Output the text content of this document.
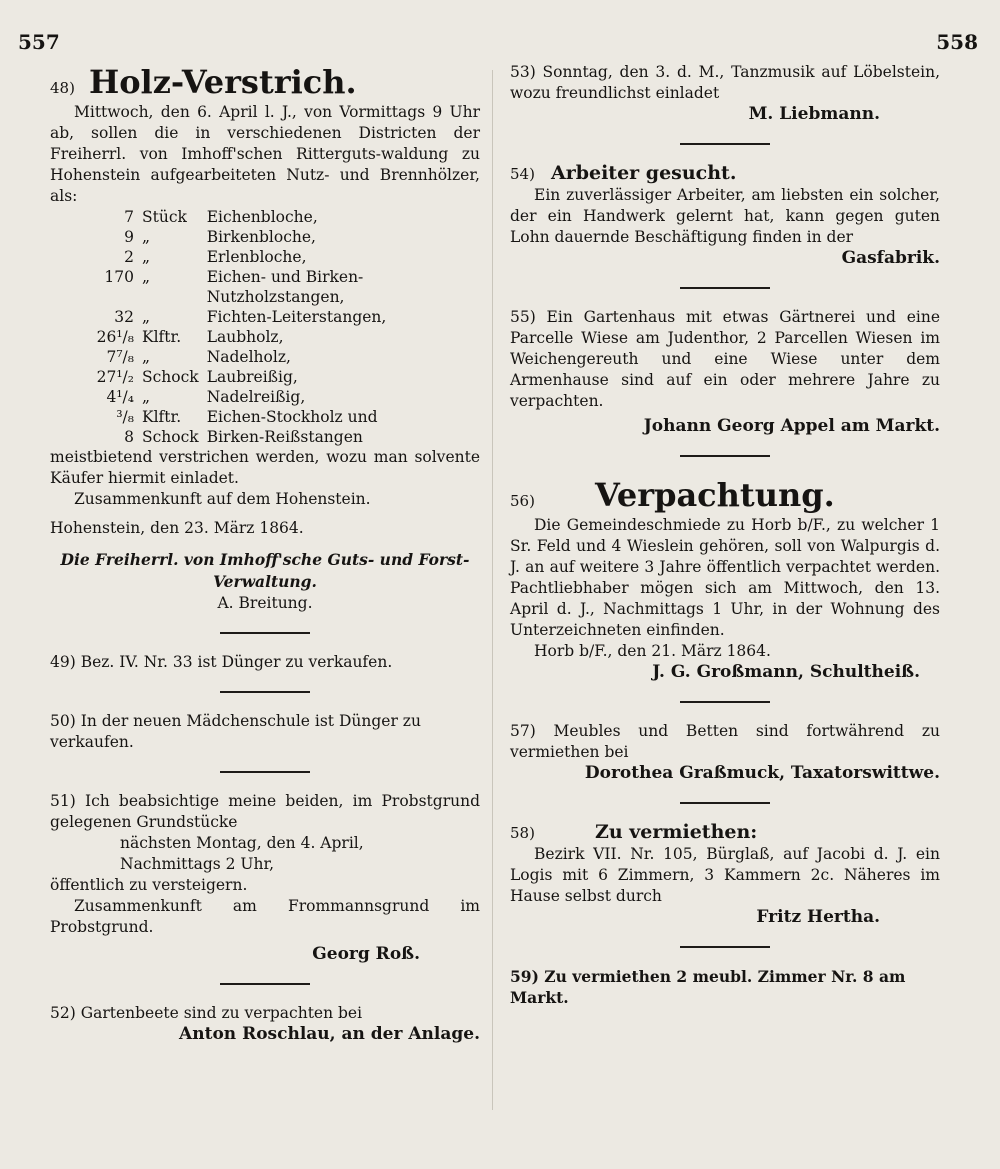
557	558
48) Holz-Verstrich.
Mittwoch, den 6. April l. J., von Vormittags 9 Uhr ab, sollen die in verschiedenen Districten der Freiherrl. von Imhoff'schen Ritterguts-waldung zu Hohenstein aufgearbeiteten Nutz- und Brennhölzer, als:
7	Stück	Eichenbloche,
9	„	Birkenbloche,
2	„	Erlenbloche,
170	„	Eichen- und Birken-Nutzholzstangen,
32	„	Fichten-Leiterstangen,
26¹/₈	Klftr.	Laubholz,
7⁷/₈	„	Nadelholz,
27¹/₂	Schock	Laubreißig,
4¹/₄	„	Nadelreißig,
³/₈	Klftr.	Eichen-Stockholz und
8	Schock	Birken-Reißstangen
meistbietend verstrichen werden, wozu man solvente Käufer hiermit einladet.
Zusammenkunft auf dem Hohenstein.
Hohenstein, den 23. März 1864.
Die Freiherrl. von Imhoff'sche Guts- und Forst-Verwaltung.
A. Breitung.
49) Bez. IV. Nr. 33 ist Dünger zu verkaufen.
50) In der neuen Mädchenschule ist Dünger zu verkaufen.
51) Ich beabsichtige meine beiden, im Probstgrund gelegenen Grundstücke
nächsten Montag, den 4. April,
Nachmittags 2 Uhr,
öffentlich zu versteigern.
Zusammenkunft am Frommannsgrund im Probstgrund.
Georg Roß.
52) Gartenbeete sind zu verpachten bei
Anton Roschlau, an der Anlage.
53) Sonntag, den 3. d. M., Tanzmusik auf Löbelstein, wozu freundlichst einladet
M. Liebmann.
54) Arbeiter gesucht.
Ein zuverlässiger Arbeiter, am liebsten ein solcher, der ein Handwerk gelernt hat, kann gegen guten Lohn dauernde Beschäftigung finden in der
Gasfabrik.
55) Ein Gartenhaus mit etwas Gärtnerei und eine Parcelle Wiese am Judenthor, 2 Parcellen Wiesen im Weichengereuth und eine Wiese unter dem Armenhause sind auf ein oder mehrere Jahre zu verpachten.
Johann Georg Appel am Markt.
56) Verpachtung.
Die Gemeindeschmiede zu Horb b/F., zu welcher 1 Sr. Feld und 4 Wieslein gehören, soll von Walpurgis d. J. an auf weitere 3 Jahre öffentlich verpachtet werden. Pachtliebhaber mögen sich am Mittwoch, den 13. April d. J., Nachmittags 1 Uhr, in der Wohnung des Unterzeichneten einfinden.
Horb b/F., den 21. März 1864.
J. G. Großmann, Schultheiß.
57) Meubles und Betten sind fortwährend zu vermiethen bei
Dorothea Graßmuck, Taxatorswittwe.
58)	Zu vermiethen:
Bezirk VII. Nr. 105, Bürglaß, auf Jacobi d. J. ein Logis mit 6 Zimmern, 3 Kammern 2c. Näheres im Hause selbst durch
Fritz Hertha.
59) Zu vermiethen 2 meubl. Zimmer Nr. 8 am Markt.
